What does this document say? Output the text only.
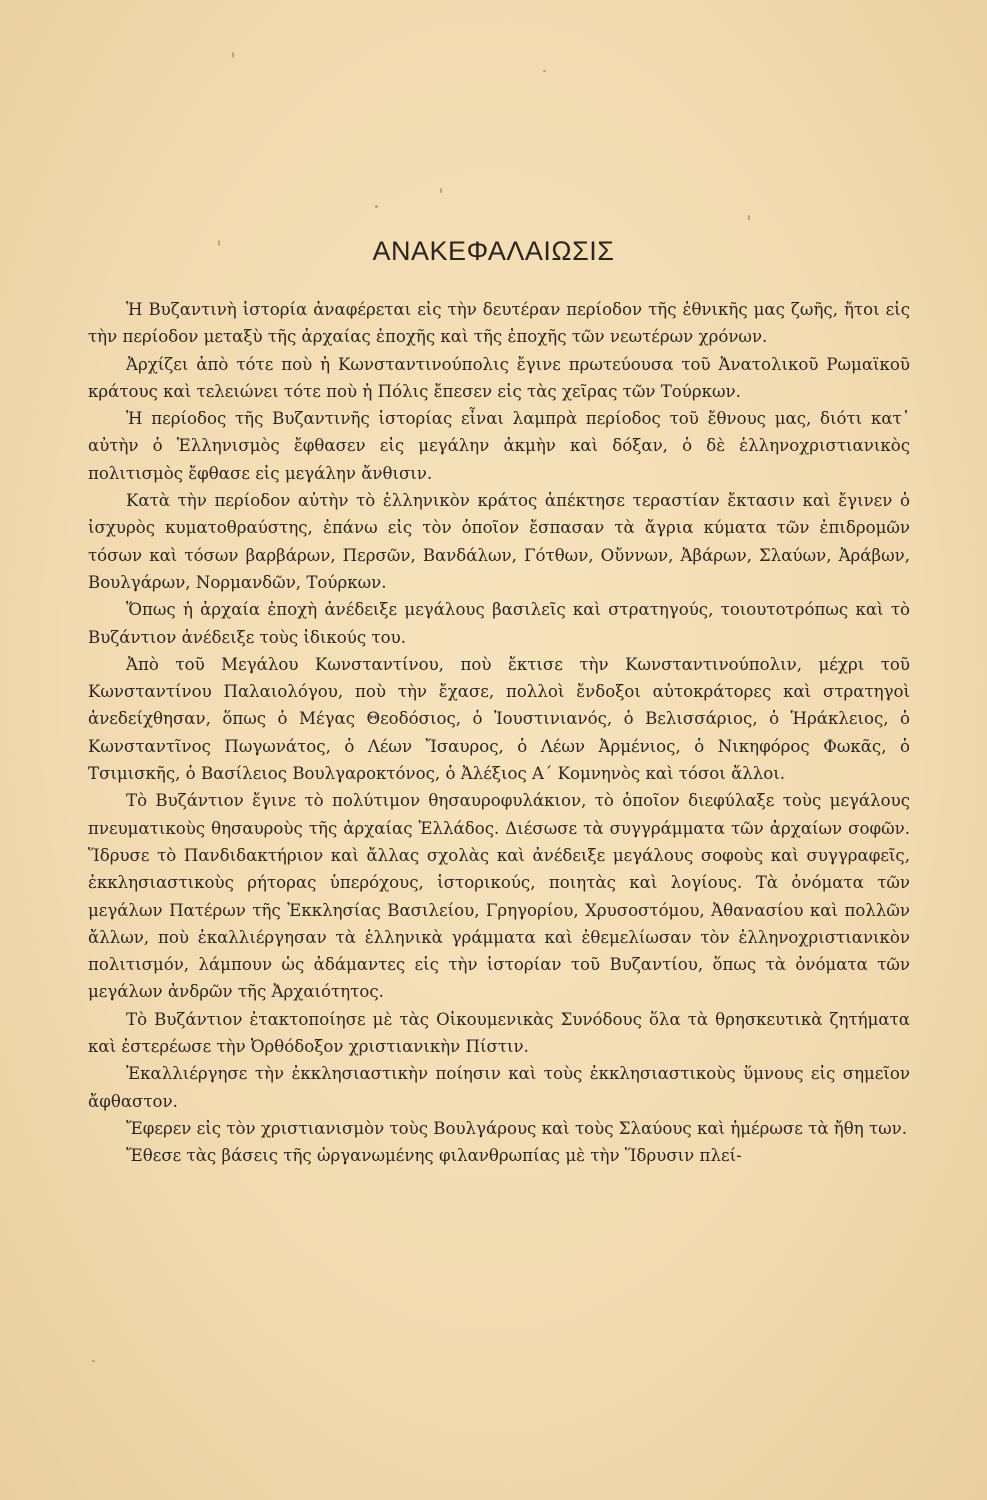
ΑΝΑΚΕΦΑΛΑΙΩΣΙΣ

Ἡ Βυζαντινὴ ἱστορία ἀναφέρεται εἰς τὴν δευτέραν περίοδον τῆς ἐθνικῆς μας ζωῆς, ἤτοι εἰς τὴν περίοδον μεταξὺ τῆς ἀρχαίας ἐποχῆς καὶ τῆς ἐποχῆς τῶν νεωτέρων χρόνων.

Ἀρχίζει ἀπὸ τότε ποὺ ἡ Κωνσταντινούπολις ἔγινε πρωτεύουσα τοῦ Ἀνατολικοῦ Ρωμαϊκοῦ κράτους καὶ τελειώνει τότε ποὺ ἡ Πόλις ἔπεσεν εἰς τὰς χεῖρας τῶν Τούρκων.

Ἡ περίοδος τῆς Βυζαντινῆς ἱστορίας εἶναι λαμπρὰ περίοδος τοῦ ἔθνους μας, διότι κατ᾿ αὐτὴν ὁ Ἑλληνισμὸς ἔφθασεν εἰς μεγάλην ἀκμὴν καὶ δόξαν, ὁ δὲ ἑλληνοχριστιανικὸς πολιτισμὸς ἔφθασε εἰς μεγάλην ἄνθισιν.

Κατὰ τὴν περίοδον αὐτὴν τὸ ἑλληνικὸν κράτος ἀπέκτησε τεραστίαν ἔκτασιν καὶ ἔγινεν ὁ ἰσχυρὸς κυματοθραύστης, ἐπάνω εἰς τὸν ὁποῖον ἔσπασαν τὰ ἄγρια κύματα τῶν ἐπιδρομῶν τόσων καὶ τόσων βαρβάρων, Περσῶν, Βανδάλων, Γότθων, Οὔννων, Ἀβάρων, Σλαύων, Ἀράβων, Βουλγάρων, Νορμανδῶν, Τούρκων.

Ὅπως ἡ ἀρχαία ἐποχὴ ἀνέδειξε μεγάλους βασιλεῖς καὶ στρατηγούς, τοιουτοτρόπως καὶ τὸ Βυζάντιον ἀνέδειξε τοὺς ἰδικούς του.

Ἀπὸ τοῦ Μεγάλου Κωνσταντίνου, ποὺ ἔκτισε τὴν Κωνσταντινούπολιν, μέχρι τοῦ Κωνσταντίνου Παλαιολόγου, ποὺ τὴν ἔχασε, πολλοὶ ἔνδοξοι αὐτοκράτορες καὶ στρατηγοὶ ἀνεδείχθησαν, ὅπως ὁ Μέγας Θεοδόσιος, ὁ Ἰουστινιανός, ὁ Βελισσάριος, ὁ Ἡράκλειος, ὁ Κωνσταντῖνος Πωγωνάτος, ὁ Λέων Ἴσαυρος, ὁ Λέων Ἀρμένιος, ὁ Νικηφόρος Φωκᾶς, ὁ Τσιμισκῆς, ὁ Βασίλειος Βουλγαροκτόνος, ὁ Ἀλέξιος Α΄ Κομνηνὸς καὶ τόσοι ἄλλοι.

Τὸ Βυζάντιον ἔγινε τὸ πολύτιμον θησαυροφυλάκιον, τὸ ὁποῖον διεφύλαξε τοὺς μεγάλους πνευματικοὺς θησαυροὺς τῆς ἀρχαίας Ἑλλάδος. Διέσωσε τὰ συγγράμματα τῶν ἀρχαίων σοφῶν. Ἵδρυσε τὸ Πανδιδακτήριον καὶ ἄλλας σχολὰς καὶ ἀνέδειξε μεγάλους σοφοὺς καὶ συγγραφεῖς, ἐκκλησιαστικοὺς ρήτορας ὑπερόχους, ἱστορικούς, ποιητὰς καὶ λογίους. Τὰ ὀνόματα τῶν μεγάλων Πατέρων τῆς Ἐκκλησίας Βασιλείου, Γρηγορίου, Χρυσοστόμου, Ἀθανασίου καὶ πολλῶν ἄλλων, ποὺ ἐκαλλιέργησαν τὰ ἑλληνικὰ γράμματα καὶ ἐθεμελίωσαν τὸν ἑλληνοχριστιανικὸν πολιτισμόν, λάμπουν ὡς ἀδάμαντες εἰς τὴν ἱστορίαν τοῦ Βυζαντίου, ὅπως τὰ ὀνόματα τῶν μεγάλων ἀνδρῶν τῆς Ἀρχαιότητος.

Τὸ Βυζάντιον ἐτακτοποίησε μὲ τὰς Οἰκουμενικὰς Συνόδους ὅλα τὰ θρησκευτικὰ ζητήματα καὶ ἐστερέωσε τὴν Ὀρθόδοξον χριστιανικὴν Πίστιν.

Ἐκαλλιέργησε τὴν ἐκκλησιαστικὴν ποίησιν καὶ τοὺς ἐκκλησιαστικοὺς ὕμνους εἰς σημεῖον ἄφθαστον.

Ἔφερεν εἰς τὸν χριστιανισμὸν τοὺς Βουλγάρους καὶ τοὺς Σλαύους καὶ ἡμέρωσε τὰ ἤθη των.

Ἔθεσε τὰς βάσεις τῆς ὠργανωμένης φιλανθρωπίας μὲ τὴν Ἵδρυσιν πλεί-
